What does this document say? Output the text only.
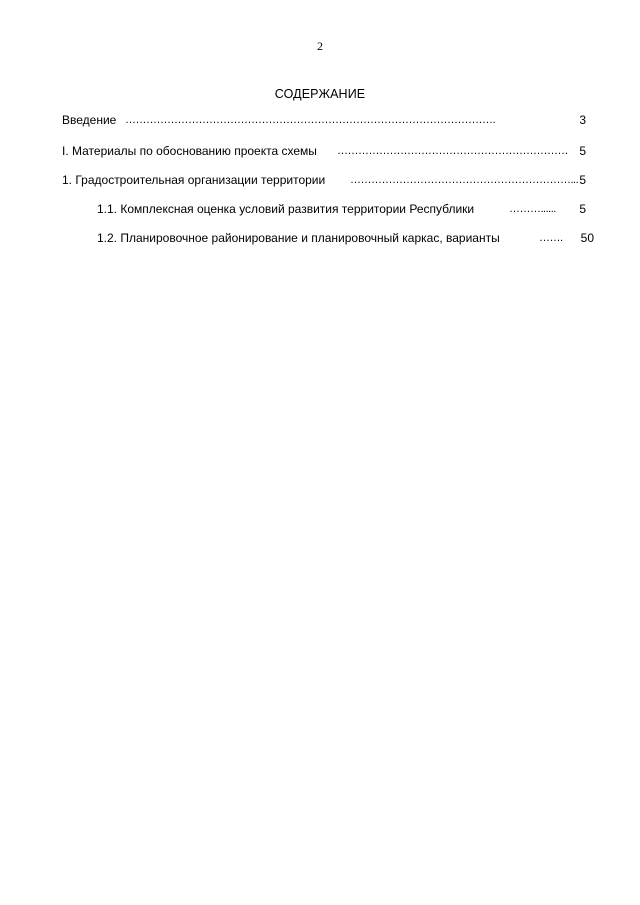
2
СОДЕРЖАНИЕ
Введение …………………………………………………………………………………………….	3
I. Материалы по обоснованию проекта схемы ………………………………………………………… 5
1. Градостроительная организации территории ………………………………………………………... 5
1.1. Комплексная оценка условий развития территории Республики	………......	5
1.2. Планировочное районирование и планировочный каркас, варианты	…….	50
